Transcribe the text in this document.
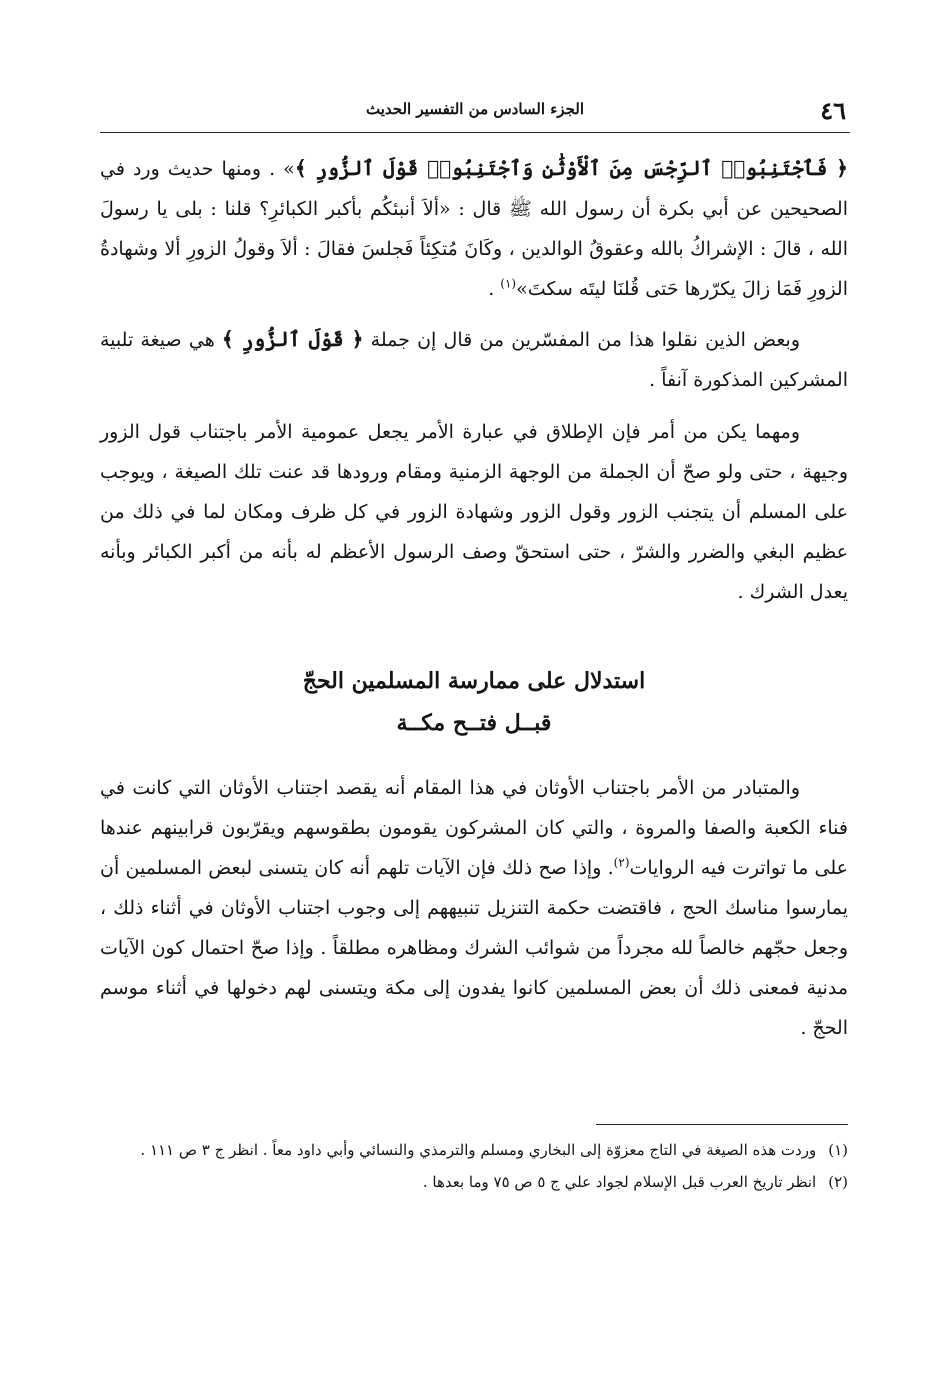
الجزء السادس من التفسير الحديث	٤٦

﴿ فَٱجْتَنِبُوا۟ ٱلرِّجْسَ مِنَ ٱلْأَوْثَٰنِ وَٱجْتَنِبُوا۟ قَوْلَ ٱلزُّورِ ﴾» . ومنها حديث ورد في الصحيحين عن أبي بكرة أن رسول الله ﷺ قال : «ألاَ أنبئكُم بأكبر الكبائرِ؟ قلنا : بلى يا رسولَ الله ، قالَ : الإشراكُ بالله وعقوقُ الوالدين ، وكَانَ مُتكِئاً فَجلسَ فقالَ : ألاَ وقولُ الزورِ ألا وشهادةُ الزورِ فَمَا زالَ يكرّرها حَتى قُلنَا ليتَه سكتَ»$^{(١)}$ .

وبعض الذين نقلوا هذا من المفسّرين من قال إن جملة ﴿ قَوْلَ ٱلزُّورِ ﴾ هي صيغة تلبية المشركين المذكورة آنفاً .

ومهما يكن من أمر فإن الإطلاق في عبارة الأمر يجعل عمومية الأمر باجتناب قول الزور وجيهة ، حتى ولو صحّ أن الجملة من الوجهة الزمنية ومقام ورودها قد عنت تلك الصيغة ، ويوجب على المسلم أن يتجنب الزور وقول الزور وشهادة الزور في كل ظرف ومكان لما في ذلك من عظيم البغي والضرر والشرّ ، حتى استحقّ وصف الرسول الأعظم له بأنه من أكبر الكبائر وبأنه يعدل الشرك .

استدلال على ممارسة المسلمين الحجّ
قبــل فتــح مكــة

والمتبادر من الأمر باجتناب الأوثان في هذا المقام أنه يقصد اجتناب الأوثان التي كانت في فناء الكعبة والصفا والمروة ، والتي كان المشركون يقومون بطقوسهم ويقرّبون قرابينهم عندها على ما تواترت فيه الروايات$^{(٢)}$. وإذا صح ذلك فإن الآيات تلهم أنه كان يتسنى لبعض المسلمين أن يمارسوا مناسك الحج ، فاقتضت حكمة التنزيل تنبيههم إلى وجوب اجتناب الأوثان في أثناء ذلك ، وجعل حجّهم خالصاً لله مجرداً من شوائب الشرك ومظاهره مطلقاً . وإذا صحّ احتمال كون الآيات مدنية فمعنى ذلك أن بعض المسلمين كانوا يفدون إلى مكة ويتسنى لهم دخولها في أثناء موسم الحجّ .

(١)
وردت هذه الصيغة في التاج معزوّة إلى البخاري ومسلم والترمذي والنسائي وأبي داود معاً . انظر ج ٣ ص ١١١ .
(٢)
انظر تاريخ العرب قبل الإسلام لجواد علي ج ٥ ص ٧٥ وما بعدها .
